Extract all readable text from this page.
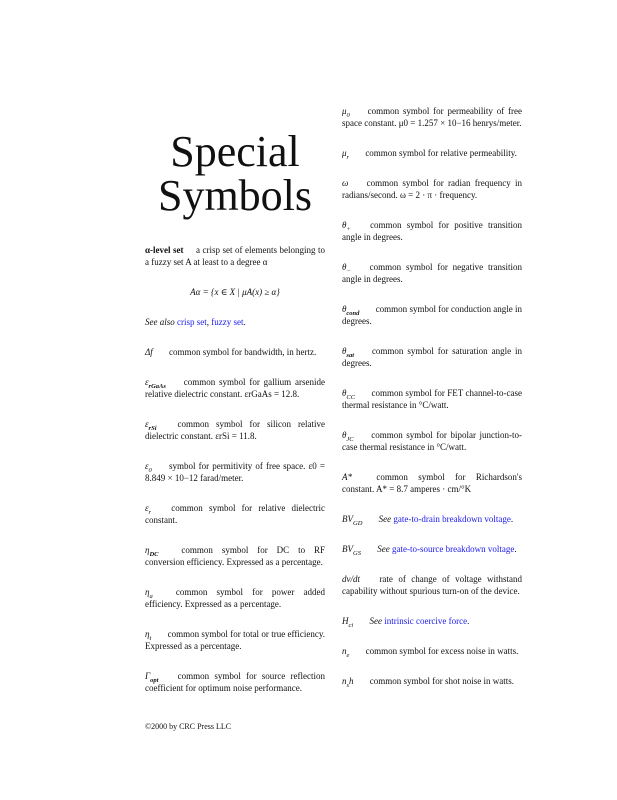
Special
Symbols
α-level set a crisp set of elements belonging to a fuzzy set A at least to a degree α
Aα = {x ∈ X | μA(x) ≥ α}
See also crisp set, fuzzy set.
Δf common symbol for bandwidth, in hertz.
$\varepsilon_{rGaAs}$ common symbol for gallium arsenide relative dielectric constant. εrGaAs = 12.8.
$\varepsilon_{rSi}$ common symbol for silicon relative dielectric constant. εrSi = 11.8.
$\varepsilon_0$ symbol for permitivity of free space. ε0 = 8.849 × 10−12 farad/meter.
$\varepsilon_r$ common symbol for relative dielectric constant.
$\eta_{DC}$	common symbol for DC to RF conversion efficiency. Expressed as a percentage.
$\eta_a$	common symbol for power added efficiency. Expressed as a percentage.
$\eta_t$ common symbol for total or true efficiency. Expressed as a percentage.
$\Gamma_{opt}$ common symbol for source reflection coefficient for optimum noise performance.
$\mu_0$ common symbol for permeability of free space constant. μ0 = 1.257 × 10−16 henrys/meter.
$\mu_r$ common symbol for relative permeability.
ω common symbol for radian frequency in radians/second. ω = 2 · π · frequency.
$\theta_+$ common symbol for positive transition angle in degrees.
$\theta_-$ common symbol for negative transition angle in degrees.
$\theta_{cond}$ common symbol for conduction angle in degrees.
$\theta_{sat}$ common symbol for saturation angle in degrees.
$\theta_{CC}$ common symbol for FET channel-to-case thermal resistance in °C/watt.
$\theta_{JC}$ common symbol for bipolar junction-to-case thermal resistance in °C/watt.
A*	common symbol for Richardson's constant. A* = 8.7 amperes · cm/°K
$BV_{GD}$ See gate-to-drain breakdown voltage.
$BV_{GS}$ See gate-to-source breakdown voltage.
dv/dt rate of change of voltage withstand capability without spurious turn-on of the device.
$H_{ci}$ See intrinsic coercive force.
$n_e$ common symbol for excess noise in watts.
$n_sh$ common symbol for shot noise in watts.
©2000 by CRC Press LLC
